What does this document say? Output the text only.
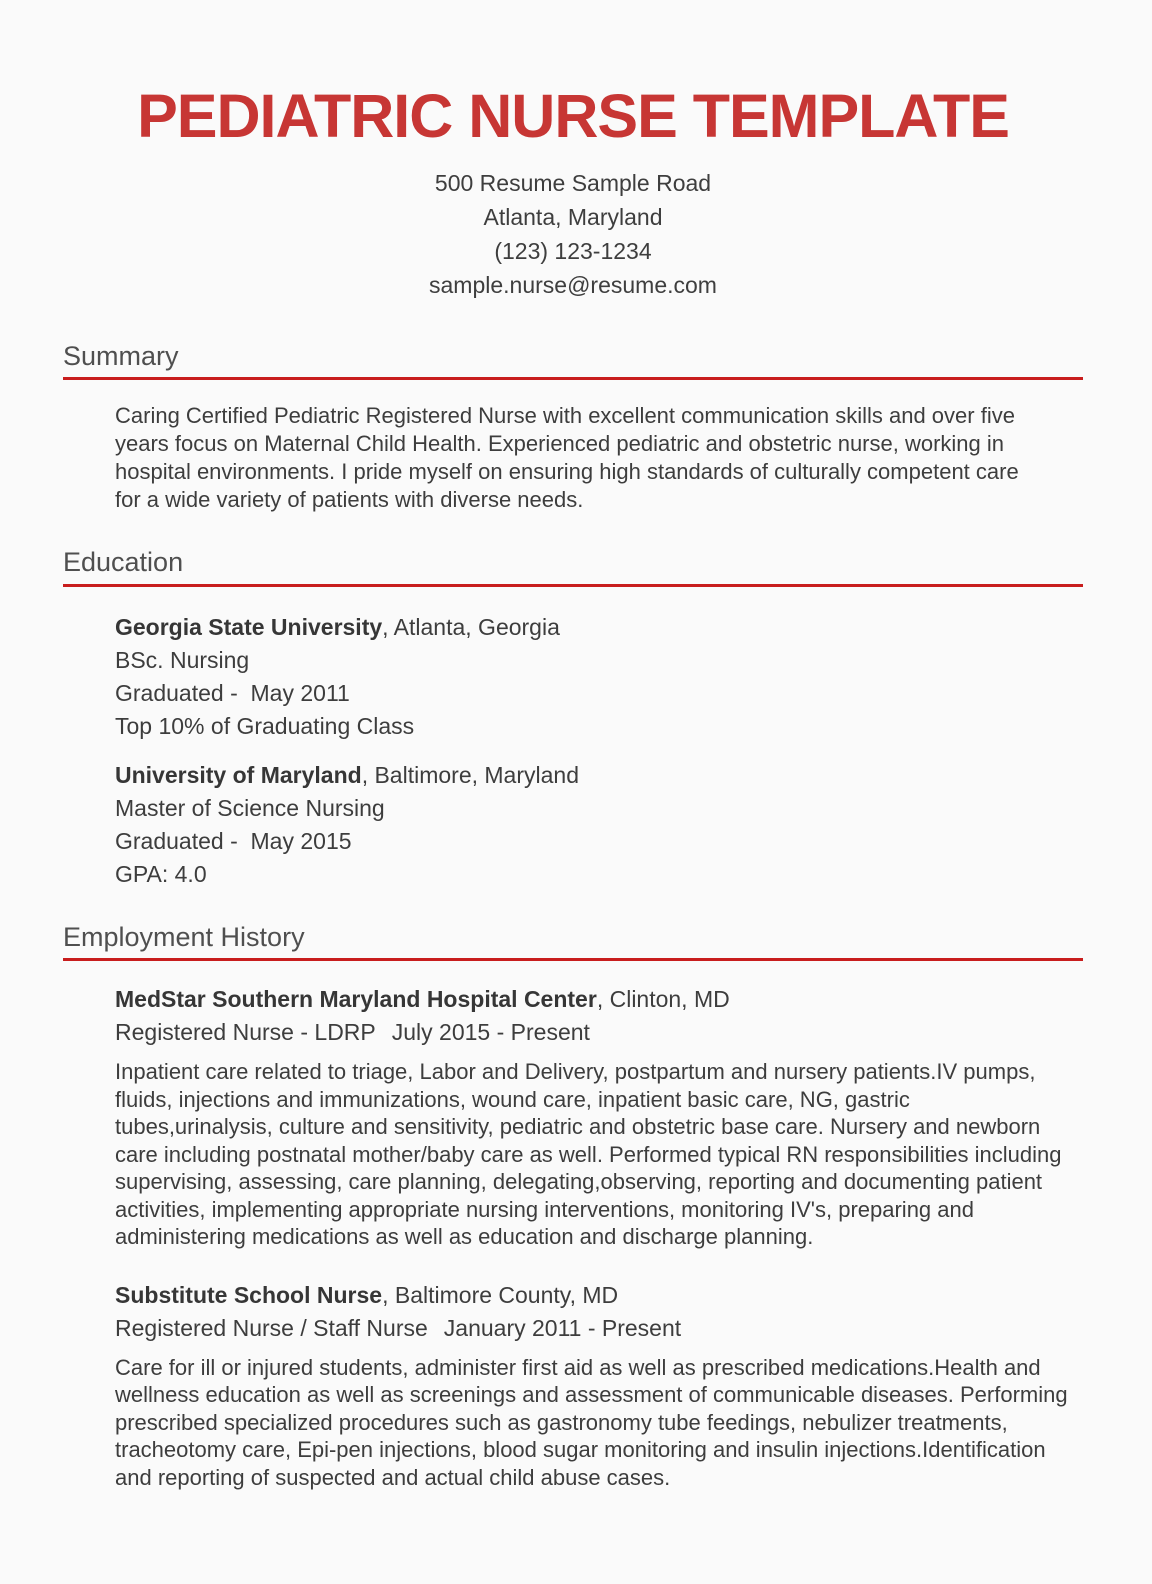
PEDIATRIC NURSE TEMPLATE
500 Resume Sample Road
Atlanta, Maryland
(123) 123-1234
sample.nurse@resume.com
Summary

Caring Certified Pediatric Registered Nurse with excellent communication skills and over five years focus on Maternal Child Health. Experienced pediatric and obstetric nurse, working in hospital environments. I pride myself on ensuring high standards of culturally competent care for a wide variety of patients with diverse needs.

Education
Georgia State University, Atlanta, Georgia
BSc. Nursing
Graduated -  May 2011
Top 10% of Graduating Class
University of Maryland, Baltimore, Maryland
Master of Science Nursing
Graduated -  May 2015
GPA: 4.0
Employment History
MedStar Southern Maryland Hospital Center, Clinton, MD
Registered Nurse - LDRP July 2015 - Present

Inpatient care related to triage, Labor and Delivery, postpartum and nursery patients.IV pumps, fluids, injections and immunizations, wound care, inpatient basic care, NG, gastric tubes,urinalysis, culture and sensitivity, pediatric and obstetric base care. Nursery and newborn care including postnatal mother/baby care as well. Performed typical RN responsibilities including supervising, assessing, care planning, delegating,observing, reporting and documenting patient activities, implementing appropriate nursing interventions, monitoring IV's, preparing and administering medications as well as education and discharge planning.

Substitute School Nurse, Baltimore County, MD
Registered Nurse / Staff Nurse January 2011 - Present

Care for ill or injured students, administer first aid as well as prescribed medications.Health and wellness education as well as screenings and assessment of communicable diseases. Performing prescribed specialized procedures such as gastronomy tube feedings, nebulizer treatments, tracheotomy care, Epi-pen injections, blood sugar monitoring and insulin injections.Identification and reporting of suspected and actual child abuse cases.
